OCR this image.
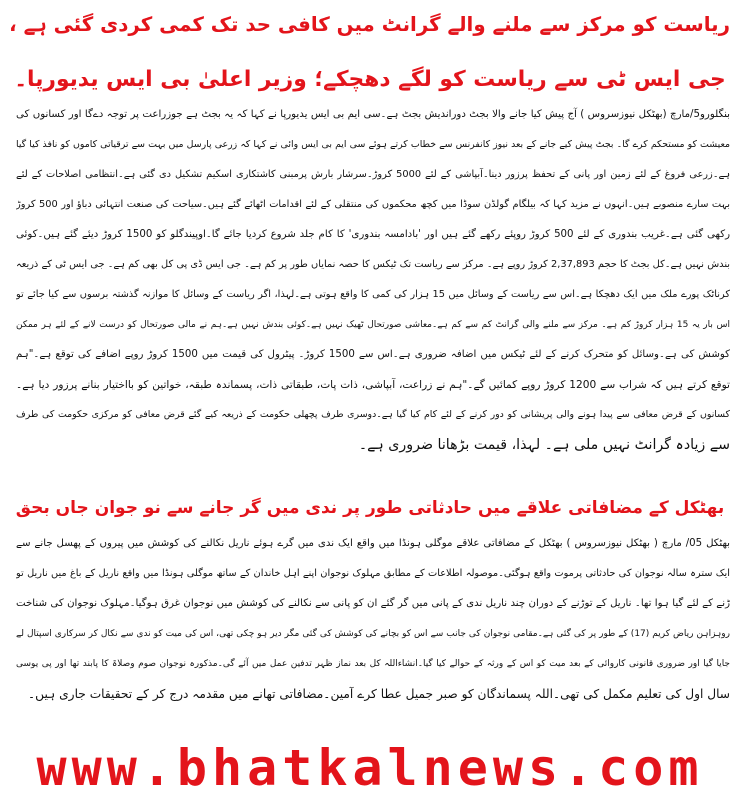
ریاست کو مرکز سے ملنے والے گرانٹ میں کافی حد تک کمی کردی گئی ہے ،
جی ایس ٹی سے ریاست کو لگے دھچکے؛ وزیر اعلیٰ بی ایس یدیورپا۔
بنگلورو5/مارچ (بھٹکل نیوزسروس ) آج پیش کیا جانے والا بجٹ دوراندیش بجٹ ہے۔سی ایم بی ایس یدیورپا نے کہا کہ یہ بجٹ ہے جوزراعت پر توجہ دےگا اور کسانوں کی
معیشت کو مستحکم کرے گا۔ بجٹ پیش کیے جانے کے بعد نیوز کانفرنس سے خطاب کرتے ہوئے سی ایم بی ایس وائی نے کہا کہ زرعی پارسل میں بہت سے ترقیاتی کاموں کو نافذ کیا گیا
ہے۔زرعی فروغ کے لئے زمین اور پانی کے تحفظ پرزور دینا۔آبپاشی کے لئے 5000 کروڑ۔سرشار بارش پرمبنی کاشتکاری اسکیم تشکیل دی گئی ہے۔انتظامی اصلاحات کے لئے
بہت سارے منصوبے ہیں۔انہوں نے مزید کہا کہ بیلگام گولڈن سوڈا میں کچھ محکموں کی منتقلی کے لئے اقدامات اٹھائے گئے ہیں۔سیاحت کی صنعت انتہائی دباؤ اور 500 کروڑ
رکھی گئی ہے۔غریب بندوری کے لئے 500 کروڑ روپئے رکھے گئے ہیں اور 'بادامسہ بندوری' کا کام جلد شروع کردیا جائے گا۔اوپیندگلو کو 1500 کروڑ دیئے گئے ہیں۔کوئی
بندش نہیں ہے۔کل بجٹ کا حجم 2,37,893 کروڑ روپے ہے۔ مرکز سے ریاست تک ٹیکس کا حصہ نمایاں طور پر کم ہے۔ جی ایس ڈی پی کل بھی کم ہے۔ جی ایس ٹی کے ذریعہ
کرناٹک پورے ملک میں ایک دھچکا ہے۔اس سے ریاست کے وسائل میں 15 ہزار کی کمی کا واقع ہوتی ہے۔لہذا، اگر ریاست کے وسائل کا موازنہ گذشتہ برسوں سے کیا جائے تو
اس بار یہ 15 ہزار کروڑ کم ہے۔ مرکز سے ملنے والی گرانٹ کم سے کم ہے۔معاشی صورتحال ٹھیک نہیں ہے۔کوئی بندش نہیں ہے۔ہم نے مالی صورتحال کو درست لانے کے لئے ہر ممکن
کوشش کی ہے۔وسائل کو متحرک کرنے کے لئے ٹیکس میں اضافہ ضروری ہے۔اس سے 1500 کروڑ۔ پیٹرول کی قیمت میں 1500 کروڑ روپے اضافے کی توقع ہے۔"ہم
توقع کرتے ہیں کہ شراب سے 1200 کروڑ روپے کمائیں گے۔"ہم نے زراعت، آبپاشی، ذات پات، طبقاتی ذات، پسماندہ طبقہ، خواتین کو بااختیار بنانے پرزور دیا ہے۔
کسانوں کے قرض معافی سے پیدا ہونے والی پریشانی کو دور کرنے کے لئے کام کیا گیا ہے۔دوسری طرف پچھلی حکومت کے ذریعہ کیے گئے قرض معافی کو مرکزی حکومت کی طرف
سے زیادہ گرانٹ نہیں ملی ہے۔ لہذا، قیمت بڑھانا ضروری ہے۔
بھٹکل کے مضافاتی علاقے میں حادثاتی طور پر ندی میں گر جانے سے نو جوان جاں بحق
بھٹکل 05/ مارچ ( بھٹکل نیوزسروس ) بھٹکل کے مضافاتی علاقے موگلی ہونڈا میں واقع ایک ندی میں گرے ہوئے ناریل نکالنے کی کوشش میں پیروں کے پھسل جانے سے
ایک سترہ سالہ نوجوان کی حادثاتی پرموت واقع ہوگئی۔موصولہ اطلاعات کے مطابق مہلوک نوجوان اپنے اہل خاندان کے ساتھ موگلی ہونڈا میں واقع ناریل کے باغ میں ناریل تو
ڑنے کے لئے گیا ہوا تھا۔ ناریل کے توڑنے کے دوران چند ناریل ندی کے پانی میں گر گئے ان کو پانی سے نکالنے کی کوشش میں نوجوان غرق ہوگیا۔مہلوک نوجوان کی شناخت
روہزاہن ریاض کریم (17) کے طور پر کی گئی ہے۔مقامی نوجوان کی جانب سے اس کو بچانے کی کوشش کی گئی مگر دیر ہو چکی تھی، اس کی میت کو ندی سے نکال کر سرکاری اسپتال لے
جایا گیا اور ضروری قانونی کاروائی کے بعد میت کو اس کے ورثہ کے حوالے کیا گیا۔انشاءاللہ کل بعد نماز ظہر تدفین عمل میں آئے گی۔مذکورہ نوجوان صوم وصلاۃ کا پابند تھا اور پی یوسی
سال اول کی تعلیم مکمل کی تھی۔اللہ پسماندگان کو صبر جمیل عطا کرے آمین۔مضافاتی تھانے میں مقدمہ درج کر کے تحقیقات جاری ہیں۔
www.bhatkalnews.com
